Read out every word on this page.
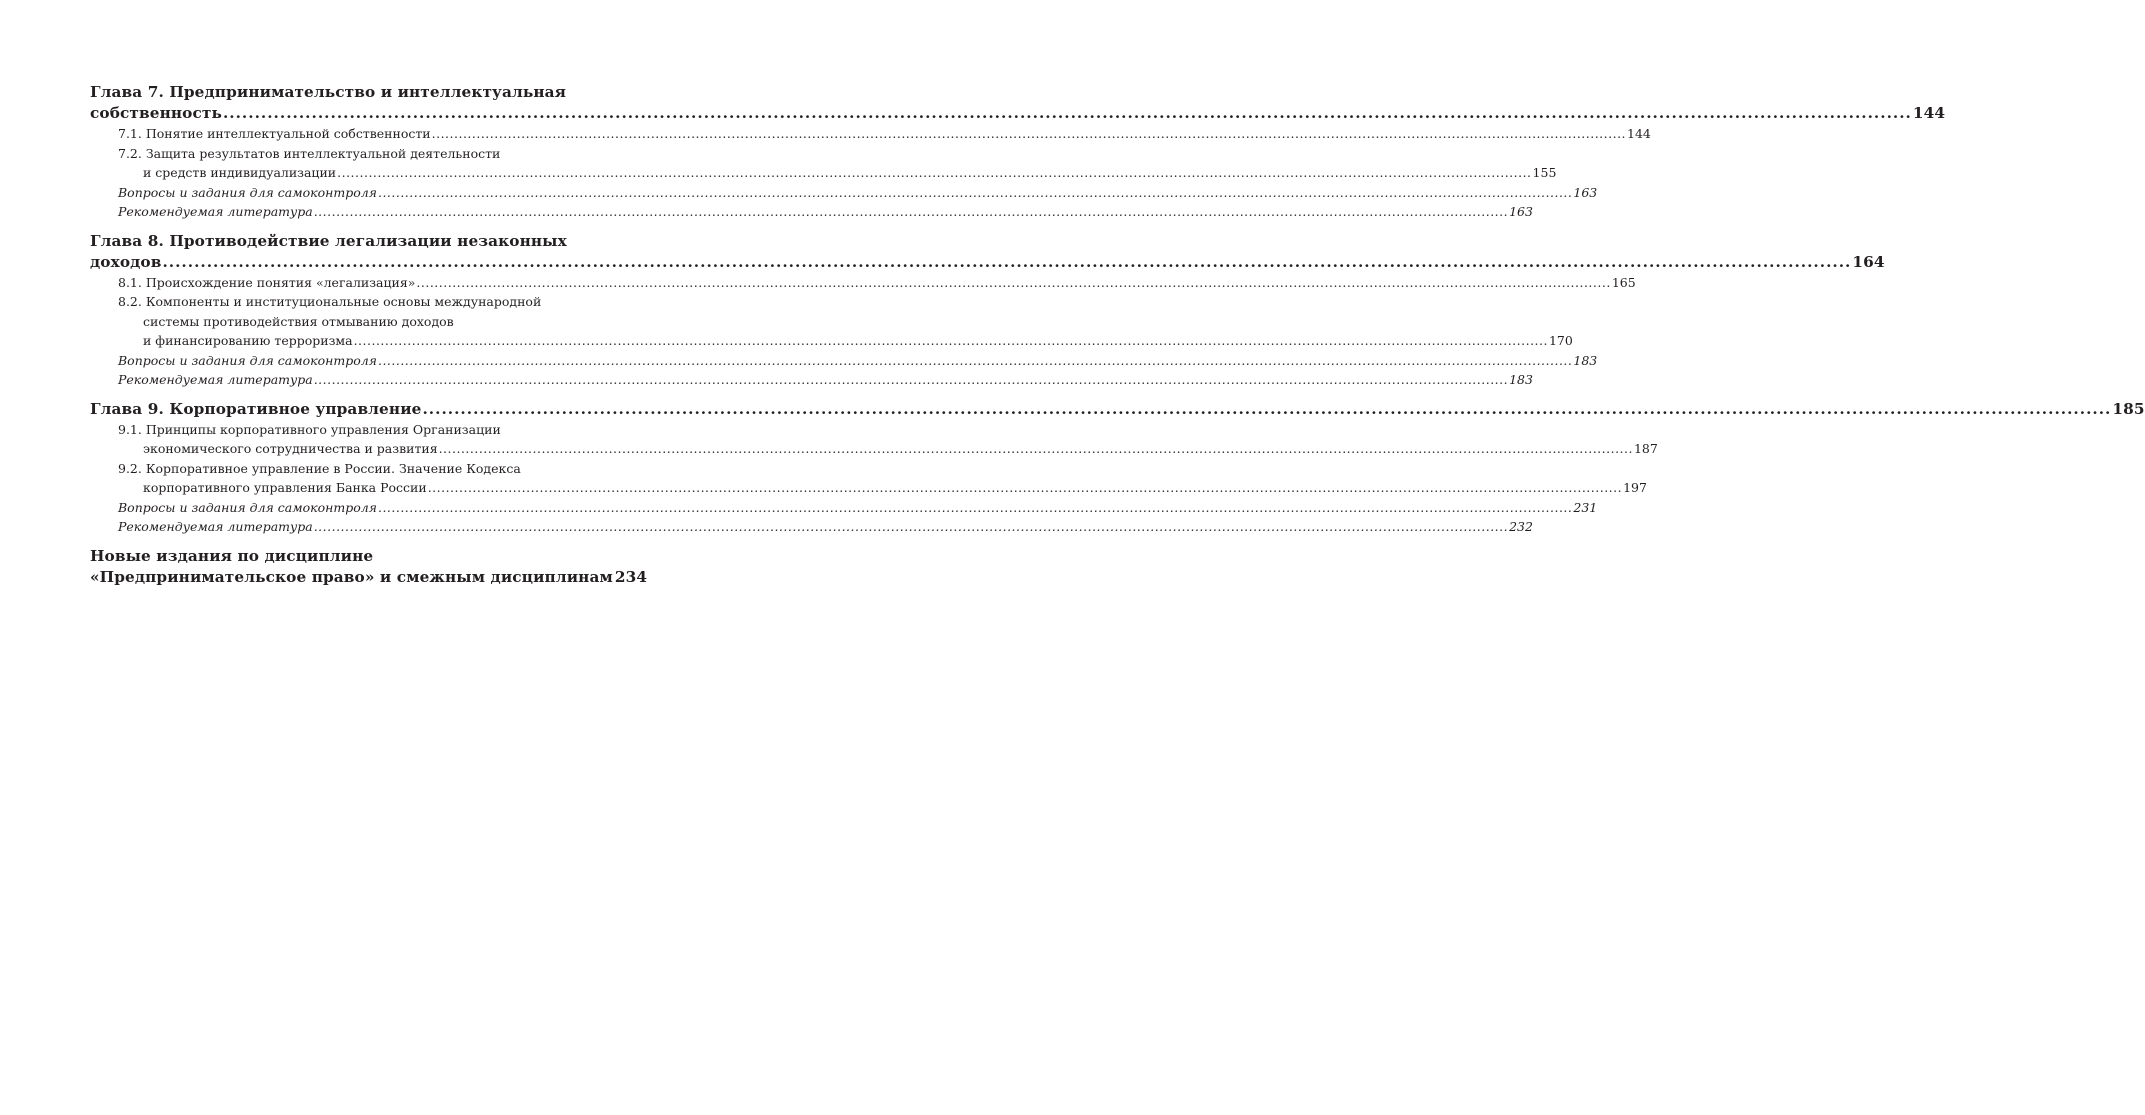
Глава 7. Предпринимательство и интеллектуальная
собственность .....	144
7.1. Понятие интеллектуальной собственности .....	144
7.2. Защита результатов интеллектуальной деятельности
и средств индивидуализации .....	155
Вопросы и задания для самоконтроля .....	163
Рекомендуемая литература .....	163
Глава 8. Противодействие легализации незаконных
доходов .....	164
8.1. Происхождение понятия «легализация» .....	165
8.2. Компоненты и институциональные основы международной
системы противодействия отмыванию доходов
и финансированию терроризма .....	170
Вопросы и задания для самоконтроля .....	183
Рекомендуемая литература .....	183
Глава 9. Корпоративное управление .....	185
9.1. Принципы корпоративного управления Организации
экономического сотрудничества и развития .....	187
9.2. Корпоративное управление в России. Значение Кодекса
корпоративного управления Банка России .....	197
Вопросы и задания для самоконтроля .....	231
Рекомендуемая литература .....	232
Новые издания по дисциплине
«Предпринимательское право» и смежным дисциплинам 234
